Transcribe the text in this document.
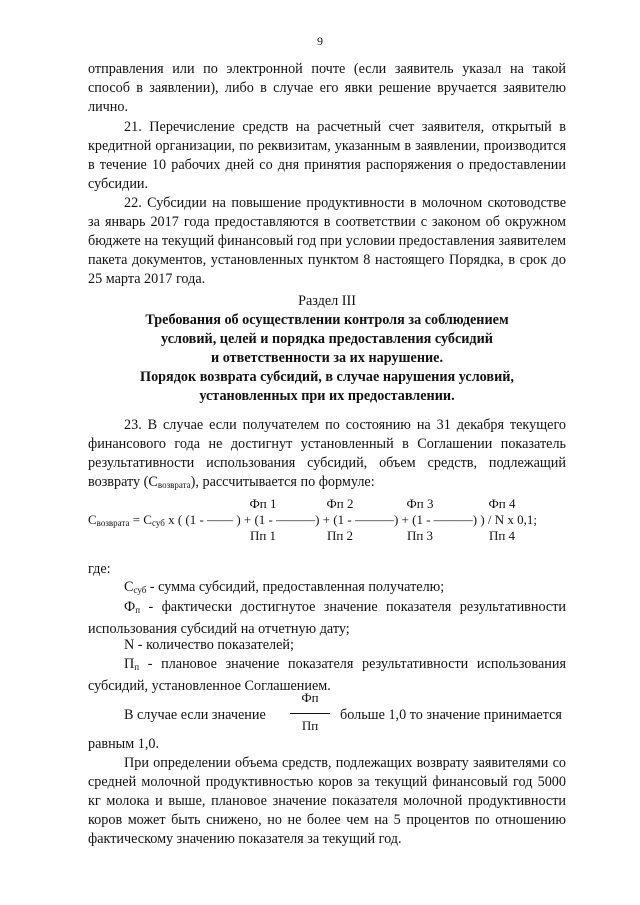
9
отправления или по электронной почте (если заявитель указал на такой способ в заявлении), либо в случае его явки решение вручается заявителю лично.
21. Перечисление средств на расчетный счет заявителя, открытый в кредитной организации, по реквизитам, указанным в заявлении, производится в течение 10 рабочих дней со дня принятия распоряжения о предоставлении субсидии.
22. Субсидии на повышение продуктивности в молочном скотоводстве за январь 2017 года предоставляются в соответствии с законом об окружном бюджете на текущий финансовый год при условии предоставления заявителем пакета документов, установленных пунктом 8 настоящего Порядка, в срок до 25 марта 2017 года.
Раздел III
Требования об осуществлении контроля за соблюдением
условий, целей и порядка предоставления субсидий
и ответственности за их нарушение.
Порядок возврата субсидий, в случае нарушения условий,
установленных при их предоставлении.
23. В случае если получателем по состоянию на 31 декабря текущего финансового года не достигнут установленный в Соглашении показатель результативности использования субсидий, объем средств, подлежащий возврату $(С_{возврата})$, рассчитывается по формуле:
Фп 1
Пп 1
Фп 2
Пп 2
Фп 3
Пп 3
Фп 4
Пп 4
$С_{возврата} = С_{суб}$ х ( (1 - —— ) + (1 - ———) + (1 - ———) + (1 - ———) ) / N х 0,1;
где:
$С_{суб}$ - сумма субсидий, предоставленная получателю;
$Ф_п$ - фактически достигнутое значение показателя результативности использования субсидий на отчетную дату;
N - количество показателей;
$П_п$ - плановое значение показателя результативности использования субсидий, установленное Соглашением.
В случае если значение
Фп
Пп
больше 1,0 то значение принимается
равным 1,0.
При определении объема средств, подлежащих возврату заявителями со средней молочной продуктивностью коров за текущий финансовый год 5000 кг молока и выше, плановое значение показателя молочной продуктивности коров может быть снижено, но не более чем на 5 процентов по отношению фактическому значению показателя за текущий год.
